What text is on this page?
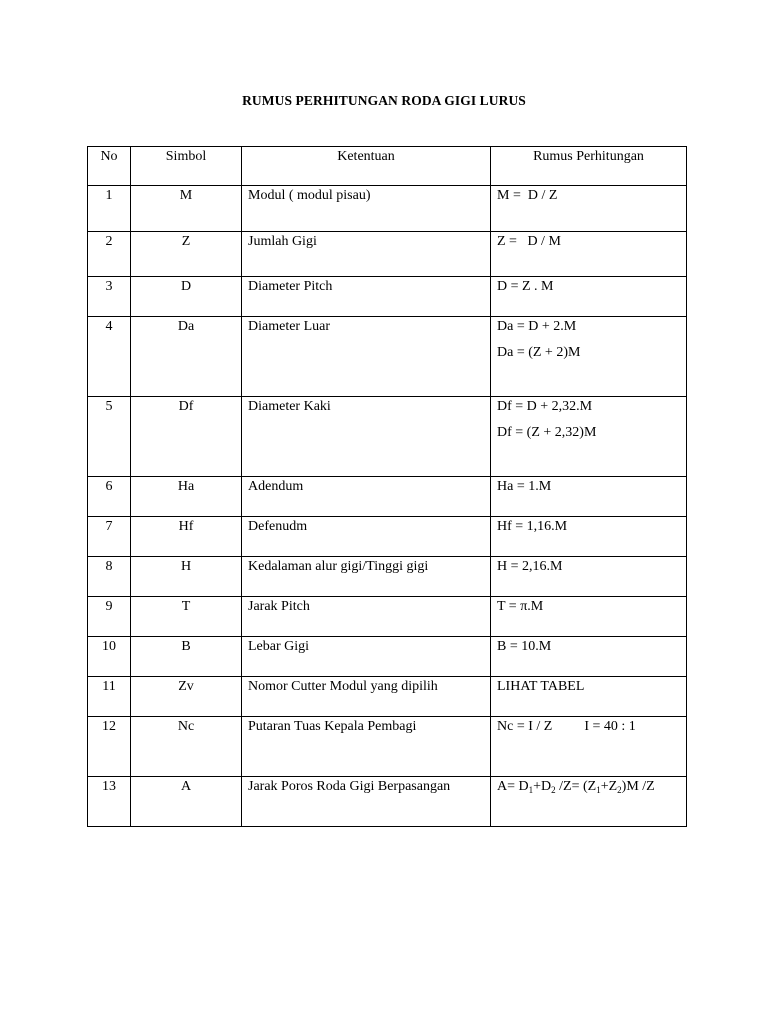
RUMUS PERHITUNGAN RODA GIGI LURUS
No	Simbol	Ketentuan	Rumus Perhitungan

1	M	Modul ( modul pisau)	M =  D / Z

2	Z	Jumlah Gigi	Z =   D / M

3	D	Diameter Pitch	D = Z . M

4	Da	Diameter Luar	Da = D + 2.M
Da = (Z + 2)M

5	Df	Diameter Kaki	Df = D + 2,32.M
Df = (Z + 2,32)M

6	Ha	Adendum	Ha = 1.M

7	Hf	Defenudm	Hf = 1,16.M

8	H	Kedalaman alur gigi/Tinggi gigi	H = 2,16.M

9	T	Jarak Pitch	T = π.M

10	B	Lebar Gigi	B = 10.M

11	Zv	Nomor Cutter Modul yang dipilih	LIHAT TABEL

12	Nc	Putaran Tuas Kepala Pembagi	Nc = I / Z I = 40 : 1

13	A	Jarak Poros Roda Gigi Berpasangan	$A= D_1+D_2$ $/Z= (Z_1+Z_2)M$ /Z
